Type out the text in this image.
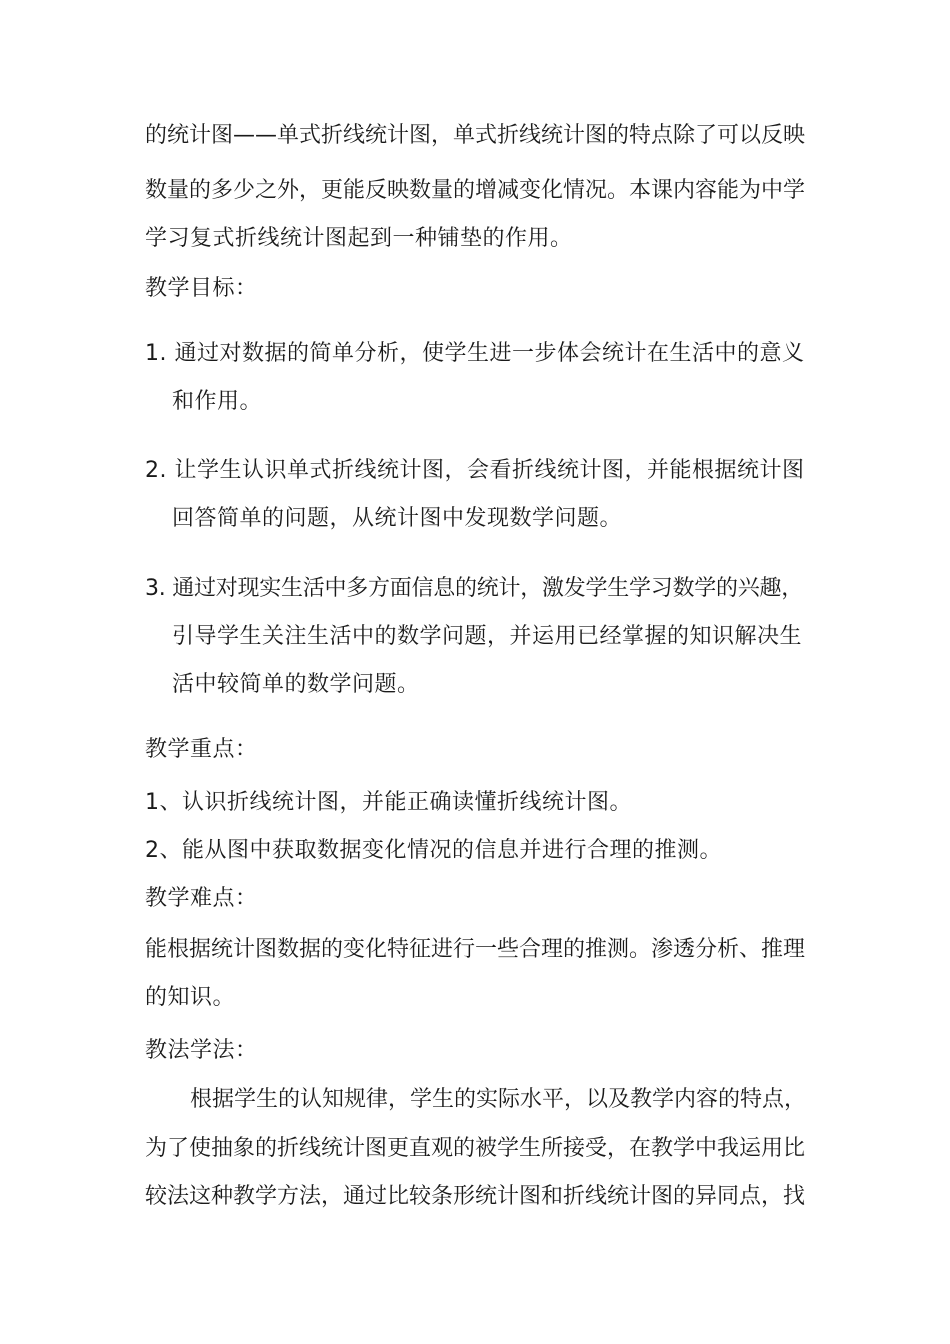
的统计图——单式折线统计图，单式折线统计图的特点除了可以反映
数量的多少之外，更能反映数量的增减变化情况。本课内容能为中学
学习复式折线统计图起到一种铺垫的作用。
教学目标：
1. 通过对数据的简单分析，使学生进一步体会统计在生活中的意义
和作用。
2. 让学生认识单式折线统计图，会看折线统计图，并能根据统计图
回答简单的问题，从统计图中发现数学问题。
3. 通过对现实生活中多方面信息的统计，激发学生学习数学的兴趣，
引导学生关注生活中的数学问题，并运用已经掌握的知识解决生
活中较简单的数学问题。
教学重点：
1、认识折线统计图，并能正确读懂折线统计图。
2、能从图中获取数据变化情况的信息并进行合理的推测。
教学难点：
能根据统计图数据的变化特征进行一些合理的推测。渗透分析、推理
的知识。
教法学法：
根据学生的认知规律，学生的实际水平，以及教学内容的特点，
为了使抽象的折线统计图更直观的被学生所接受，在教学中我运用比
较法这种教学方法，通过比较条形统计图和折线统计图的异同点，找
